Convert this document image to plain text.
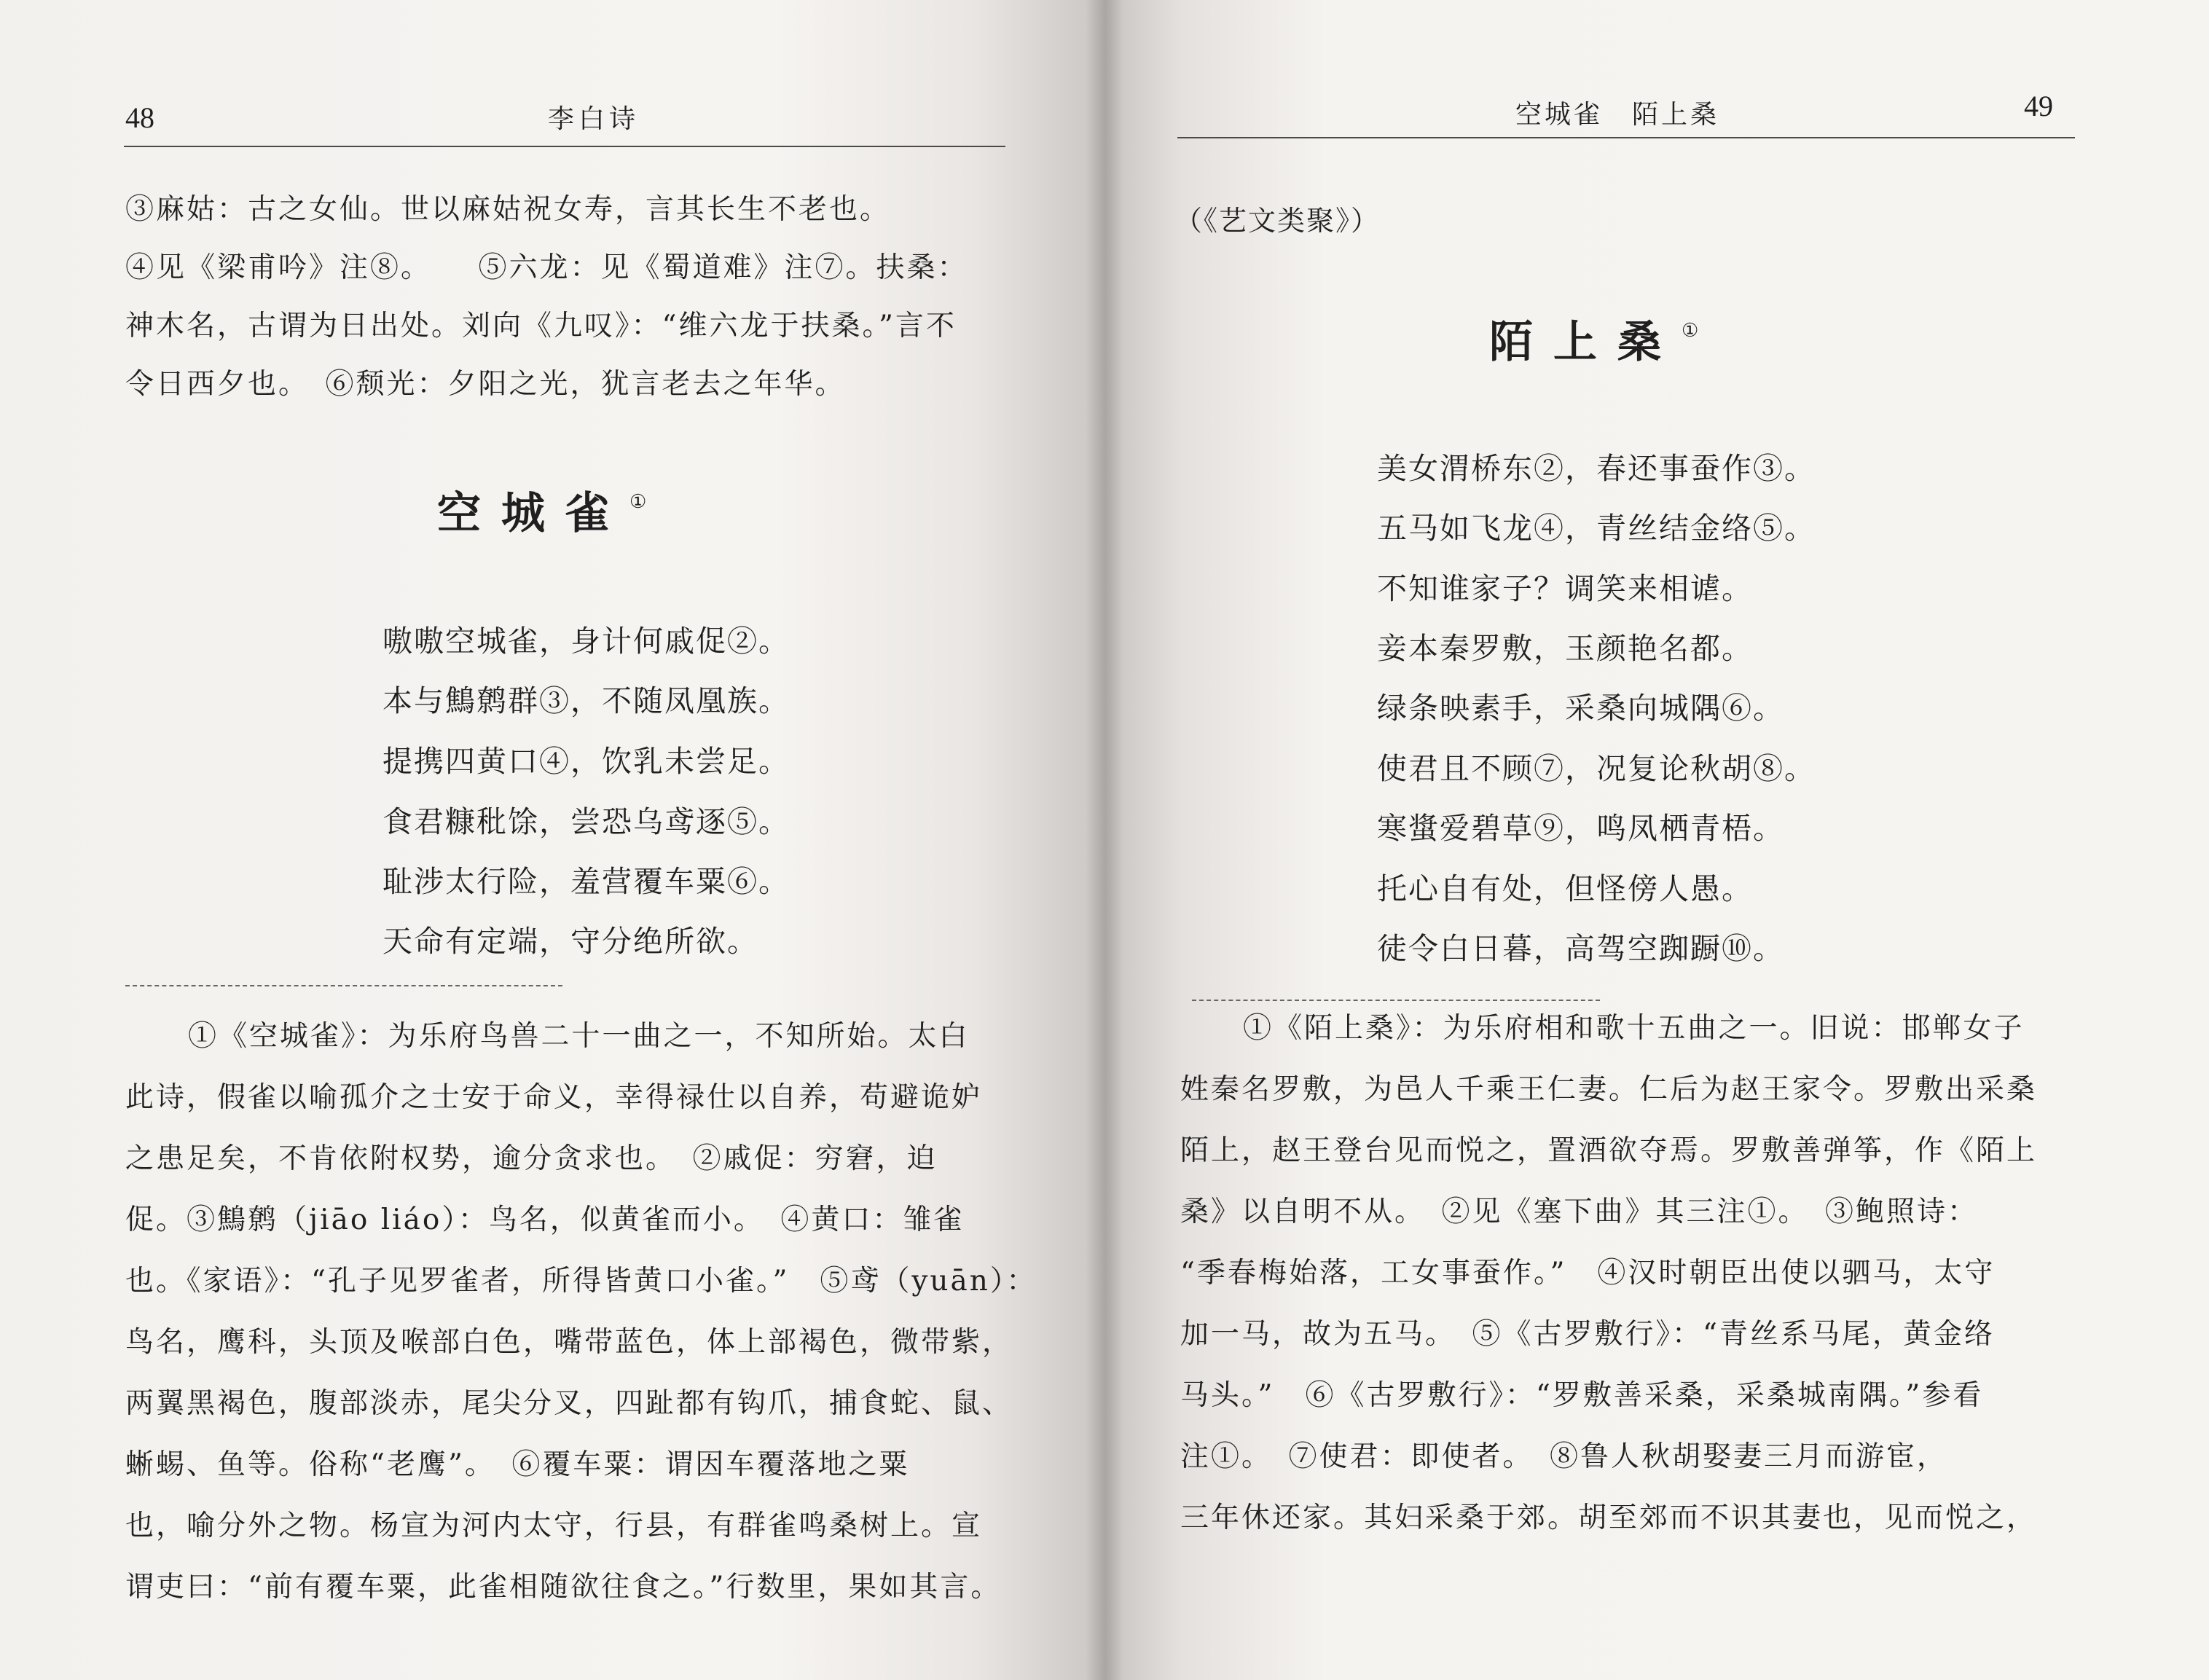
48	李白诗
③麻姑：古之女仙。世以麻姑祝女寿，言其长生不老也。
④见《梁甫吟》注⑧。　　⑤六龙：见《蜀道难》注⑦。扶桑：
神木名，古谓为日出处。刘向《九叹》：“维六龙于扶桑。”言不
令日西夕也。　⑥颓光：夕阳之光，犹言老去之年华。
空城雀①
嗷嗷空城雀，身计何戚促②。
本与鷦鹩群③，不随凤凰族。
提携四黄口④，饮乳未尝足。
食君糠秕馀，尝恐乌鸢逐⑤。
耻涉太行险，羞营覆车粟⑥。
天命有定端，守分绝所欲。
①《空城雀》：为乐府鸟兽二十一曲之一，不知所始。太白
此诗，假雀以喻孤介之士安于命义，幸得禄仕以自养，苟避诡妒
之患足矣，不肯依附权势，逾分贪求也。　②戚促：穷窘，迫
促。③鷦鹩（jiāo liáo）：鸟名，似黄雀而小。　④黄口：雏雀
也。《家语》：“孔子见罗雀者，所得皆黄口小雀。”　⑤鸢（yuān）：
鸟名，鹰科，头顶及喉部白色，嘴带蓝色，体上部褐色，微带紫，
两翼黑褐色，腹部淡赤，尾尖分叉，四趾都有钩爪，捕食蛇、鼠、
蜥蜴、鱼等。俗称“老鹰”。　⑥覆车粟：谓因车覆落地之粟
也，喻分外之物。杨宣为河内太守，行县，有群雀鸣桑树上。宣
谓吏曰：“前有覆车粟，此雀相随欲往食之。”行数里，果如其言。
空城雀　陌上桑	49
（《艺文类聚》）
陌上桑①
美女渭桥东②，春还事蚕作③。
五马如飞龙④，青丝结金络⑤。
不知谁家子？调笑来相谑。
妾本秦罗敷，玉颜艳名都。
绿条映素手，采桑向城隅⑥。
使君且不顾⑦，况复论秋胡⑧。
寒螀爱碧草⑨，鸣凤栖青梧。
托心自有处，但怪傍人愚。
徒令白日暮，高驾空踟蹰⑩。
①《陌上桑》：为乐府相和歌十五曲之一。旧说：邯郸女子
姓秦名罗敷，为邑人千乘王仁妻。仁后为赵王家令。罗敷出采桑
陌上，赵王登台见而悦之，置酒欲夺焉。罗敷善弹筝，作《陌上
桑》以自明不从。　②见《塞下曲》其三注①。　③鲍照诗：
“季春梅始落，工女事蚕作。”　④汉时朝臣出使以驷马，太守
加一马，故为五马。　⑤《古罗敷行》：“青丝系马尾，黄金络
马头。”　⑥《古罗敷行》：“罗敷善采桑，采桑城南隅。”参看
注①。　⑦使君：即使者。　⑧鲁人秋胡娶妻三月而游宦，
三年休还家。其妇采桑于郊。胡至郊而不识其妻也，见而悦之，
